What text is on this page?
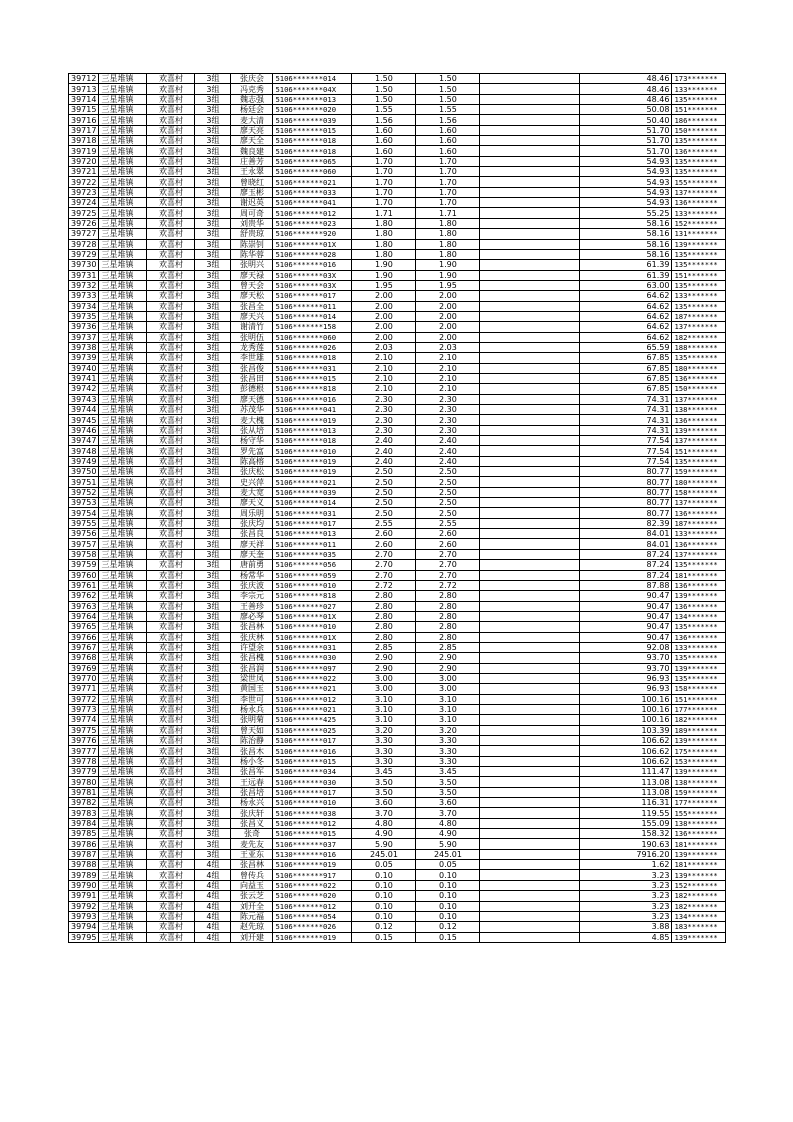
39712	三星堆镇	欢喜村	3组	张庆会	5106*******014	1.50	1.50		48.46	173*******
39713	三星堆镇	欢喜村	3组	冯克秀	5106*******04X	1.50	1.50		48.46	133*******
39714	三星堆镇	欢喜村	3组	魏志强	5106*******013	1.50	1.50		48.46	135*******
39715	三星堆镇	欢喜村	3组	杨廷会	5106*******020	1.55	1.55		50.08	151*******
39716	三星堆镇	欢喜村	3组	麦大清	5106*******039	1.56	1.56		50.40	186*******
39717	三星堆镇	欢喜村	3组	廖天亮	5106*******015	1.60	1.60		51.70	150*******
39718	三星堆镇	欢喜村	3组	廖天全	5106*******018	1.60	1.60		51.70	135*******
39719	三星堆镇	欢喜村	3组	魏良建	5106*******018	1.60	1.60		51.70	136*******
39720	三星堆镇	欢喜村	3组	庄善芳	5106*******065	1.70	1.70		54.93	135*******
39721	三星堆镇	欢喜村	3组	王永翠	5106*******060	1.70	1.70		54.93	135*******
39722	三星堆镇	欢喜村	3组	曾晓红	5106*******021	1.70	1.70		54.93	155*******
39723	三星堆镇	欢喜村	3组	廖玉彬	5106*******033	1.70	1.70		54.93	137*******
39724	三星堆镇	欢喜村	3组	谢迟英	5106*******041	1.70	1.70		54.93	136*******
39725	三星堆镇	欢喜村	3组	周可奇	5106*******012	1.71	1.71		55.25	133*******
39726	三星堆镇	欢喜村	3组	刘贵华	5106*******023	1.80	1.80		58.16	152*******
39727	三星堆镇	欢喜村	3组	舒贵琼	5106*******920	1.80	1.80		58.16	131*******
39728	三星堆镇	欢喜村	3组	陈崇钊	5106*******01X	1.80	1.80		58.16	139*******
39729	三星堆镇	欢喜村	3组	陈华蓉	5106*******028	1.80	1.80		58.16	135*******
39730	三星堆镇	欢喜村	3组	张明兴	5106*******016	1.90	1.90		61.39	135*******
39731	三星堆镇	欢喜村	3组	廖天禄	5106*******03X	1.90	1.90		61.39	151*******
39732	三星堆镇	欢喜村	3组	曾天会	5106*******03X	1.95	1.95		63.00	135*******
39733	三星堆镇	欢喜村	3组	廖天松	5106*******017	2.00	2.00		64.62	133*******
39734	三星堆镇	欢喜村	3组	张昌全	5106*******011	2.00	2.00		64.62	135*******
39735	三星堆镇	欢喜村	3组	廖天兴	5106*******014	2.00	2.00		64.62	187*******
39736	三星堆镇	欢喜村	3组	谢清竹	5106*******158	2.00	2.00		64.62	137*******
39737	三星堆镇	欢喜村	3组	张明伍	5106*******060	2.00	2.00		64.62	182*******
39738	三星堆镇	欢喜村	3组	龙秀莲	5106*******026	2.03	2.03		65.59	188*******
39739	三星堆镇	欢喜村	3组	李世雄	5106*******018	2.10	2.10		67.85	135*******
39740	三星堆镇	欢喜村	3组	张昌俊	5106*******031	2.10	2.10		67.85	180*******
39741	三星堆镇	欢喜村	3组	张昌田	5106*******015	2.10	2.10		67.85	136*******
39742	三星堆镇	欢喜村	3组	彭德根	5106*******818	2.10	2.10		67.85	150*******
39743	三星堆镇	欢喜村	3组	廖天德	5106*******016	2.30	2.30		74.31	137*******
39744	三星堆镇	欢喜村	3组	苏茂华	5106*******041	2.30	2.30		74.31	138*******
39745	三星堆镇	欢喜村	3组	麦大槐	5106*******019	2.30	2.30		74.31	136*******
39746	三星堆镇	欢喜村	3组	张从培	5106*******013	2.30	2.30		74.31	139*******
39747	三星堆镇	欢喜村	3组	杨守华	5106*******018	2.40	2.40		77.54	137*******
39748	三星堆镇	欢喜村	3组	罗先富	5106*******010	2.40	2.40		77.54	151*******
39749	三星堆镇	欢喜村	3组	陈高榕	5106*******019	2.40	2.40		77.54	135*******
39750	三星堆镇	欢喜村	3组	张庆松	5106*******019	2.50	2.50		80.77	159*******
39751	三星堆镇	欢喜村	3组	史兴萍	5106*******021	2.50	2.50		80.77	180*******
39752	三星堆镇	欢喜村	3组	麦大宽	5106*******039	2.50	2.50		80.77	158*******
39753	三星堆镇	欢喜村	3组	廖天义	5106*******014	2.50	2.50		80.77	137*******
39754	三星堆镇	欢喜村	3组	周乐明	5106*******031	2.50	2.50		80.77	136*******
39755	三星堆镇	欢喜村	3组	张庆均	5106*******017	2.55	2.55		82.39	187*******
39756	三星堆镇	欢喜村	3组	张昌良	5106*******013	2.60	2.60		84.01	133*******
39757	三星堆镇	欢喜村	3组	廖天祥	5106*******011	2.60	2.60		84.01	136*******
39758	三星堆镇	欢喜村	3组	廖天奎	5106*******035	2.70	2.70		87.24	137*******
39759	三星堆镇	欢喜村	3组	唐前勇	5106*******056	2.70	2.70		87.24	135*******
39760	三星堆镇	欢喜村	3组	杨常华	5106*******059	2.70	2.70		87.24	181*******
39761	三星堆镇	欢喜村	3组	张庆波	5106*******010	2.72	2.72		87.88	136*******
39762	三星堆镇	欢喜村	3组	李宗元	5106*******818	2.80	2.80		90.47	139*******
39763	三星堆镇	欢喜村	3组	王善珍	5106*******027	2.80	2.80		90.47	136*******
39764	三星堆镇	欢喜村	3组	廖必琴	5106*******01X	2.80	2.80		90.47	134*******
39765	三星堆镇	欢喜村	3组	张昌林	5106*******010	2.80	2.80		90.47	135*******
39766	三星堆镇	欢喜村	3组	张庆林	5106*******01X	2.80	2.80		90.47	136*******
39767	三星堆镇	欢喜村	3组	许望余	5106*******031	2.85	2.85		92.08	133*******
39768	三星堆镇	欢喜村	3组	张昌槐	5106*******030	2.90	2.90		93.70	135*******
39769	三星堆镇	欢喜村	3组	张昌润	5106*******097	2.90	2.90		93.70	139*******
39770	三星堆镇	欢喜村	3组	梁世凤	5106*******022	3.00	3.00		96.93	135*******
39771	三星堆镇	欢喜村	3组	黄国玉	5106*******021	3.00	3.00		96.93	158*******
39772	三星堆镇	欢喜村	3组	李世可	5106*******012	3.10	3.10		100.16	151*******
39773	三星堆镇	欢喜村	3组	杨永兵	5106*******021	3.10	3.10		100.16	177*******
39774	三星堆镇	欢喜村	3组	张明菊	5106*******425	3.10	3.10		100.16	182*******
39775	三星堆镇	欢喜村	3组	曾天如	5106*******025	3.20	3.20		103.39	189*******
39776	三星堆镇	欢喜村	3组	陈治静	5106*******017	3.30	3.30		106.62	139*******
39777	三星堆镇	欢喜村	3组	张昌木	5106*******016	3.30	3.30		106.62	175*******
39778	三星堆镇	欢喜村	3组	杨小冬	5106*******015	3.30	3.30		106.62	153*******
39779	三星堆镇	欢喜村	3组	张昌军	5106*******034	3.45	3.45		111.47	139*******
39780	三星堆镇	欢喜村	3组	王远春	5106*******030	3.50	3.50		113.08	138*******
39781	三星堆镇	欢喜村	3组	张昌培	5106*******017	3.50	3.50		113.08	159*******
39782	三星堆镇	欢喜村	3组	杨永兴	5106*******010	3.60	3.60		116.31	177*******
39783	三星堆镇	欢喜村	3组	张庆轩	5106*******038	3.70	3.70		119.55	155*******
39784	三星堆镇	欢喜村	3组	张昌义	5106*******012	4.80	4.80		155.09	138*******
39785	三星堆镇	欢喜村	3组	张奇	5106*******015	4.90	4.90		158.32	136*******
39786	三星堆镇	欢喜村	3组	麦先友	5106*******037	5.90	5.90		190.63	181*******
39787	三星堆镇	欢喜村	3组	王亚东	5130*******016	245.01	245.01		7916.20	139*******
39788	三星堆镇	欢喜村	4组	张昌林	5106*******019	0.05	0.05		1.62	181*******
39789	三星堆镇	欢喜村	4组	曾传兵	5106*******917	0.10	0.10		3.23	139*******
39790	三星堆镇	欢喜村	4组	向益玉	5106*******022	0.10	0.10		3.23	152*******
39791	三星堆镇	欢喜村	4组	张云芝	5106*******020	0.10	0.10		3.23	182*******
39792	三星堆镇	欢喜村	4组	刘开全	5106*******012	0.10	0.10		3.23	182*******
39793	三星堆镇	欢喜村	4组	陈元福	5106*******054	0.10	0.10		3.23	134*******
39794	三星堆镇	欢喜村	4组	赵先琼	5106*******026	0.12	0.12		3.88	183*******
39795	三星堆镇	欢喜村	4组	刘开建	5106*******019	0.15	0.15		4.85	139*******
